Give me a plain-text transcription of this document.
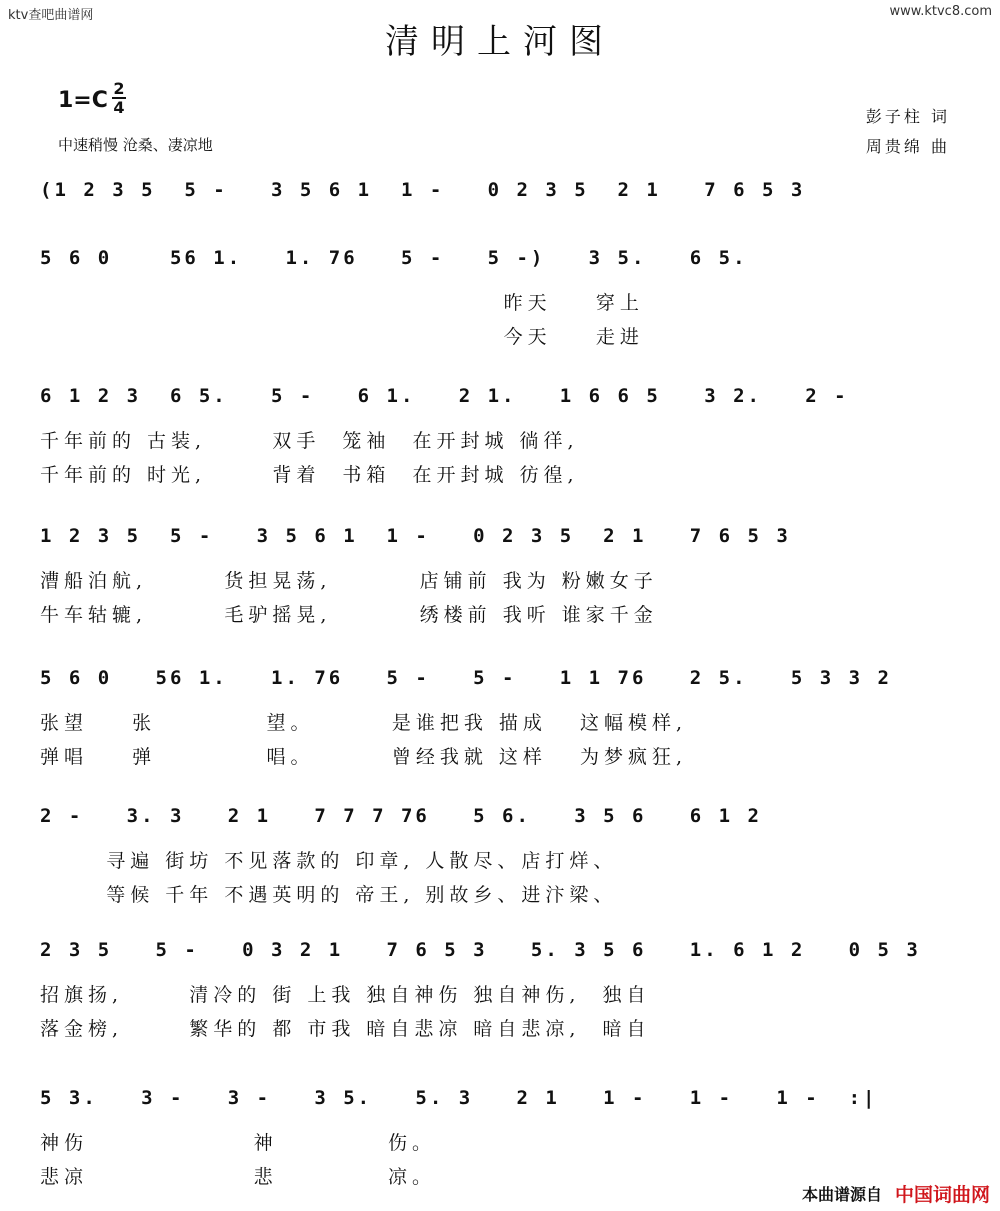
ktv查吧曲谱网	www.ktvc8.com
清明上河图
1=C 2
4
中速稍慢 沧桑、凄凉地
彭子柱 词
周贵绵 曲
(1 2 3 5  5 -   3 5 6 1  1 -   0 2 3 5  2 1   7 6 5 3
5 6 0    56 1.   1. 76   5 -   5 -)   3 5.   6 5.
昨天    穿上
今天    走进
6 1 2 3  6 5.   5 -   6 1.   2 1.   1 6 6 5   3 2.   2 -
千年前的 古装,      双手  笼袖  在开封城 徜徉,
千年前的 时光,      背着  书箱  在开封城 彷徨,
1 2 3 5  5 -   3 5 6 1  1 -   0 2 3 5  2 1   7 6 5 3
漕船泊航,       货担晃荡,        店铺前 我为 粉嫩女子
牛车轱辘,       毛驴摇晃,        绣楼前 我听 谁家千金
5 6 0   56 1.   1. 76   5 -   5 -   1 1 76   2 5.   5 3 3 2
张望    张          望。       是谁把我 描成   这幅模样,
弹唱    弹          唱。       曾经我就 这样   为梦疯狂,
2 -   3. 3   2 1   7 7 7 76   5 6.   3 5 6   6 1 2
寻遍 街坊 不见落款的 印章, 人散尽、店打烊、
等候 千年 不遇英明的 帝王, 别故乡、进汴梁、
2 3 5   5 -   0 3 2 1   7 6 5 3   5. 3 5 6   1. 6 1 2   0 5 3
招旗扬,      清冷的 街 上我 独自神伤 独自神伤,  独自
落金榜,      繁华的 都 市我 暗自悲凉 暗自悲凉,  暗自
5 3.   3 -   3 -   3 5.   5. 3   2 1   1 -   1 -   1 -  :|
神伤               神          伤。
悲凉               悲          凉。
本曲谱源自 中国词曲网
